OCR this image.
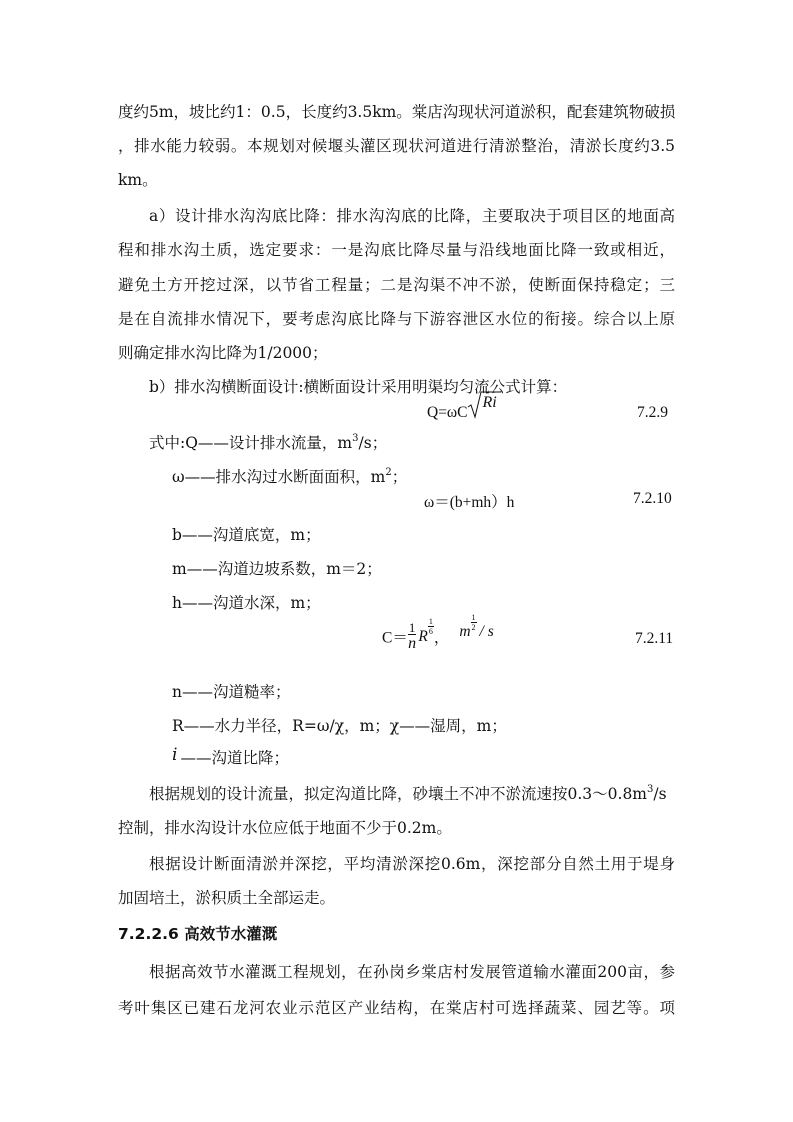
度约5m，坡比约1：0.5，长度约3.5km。棠店沟现状河道淤积，配套建筑物破损
，排水能力较弱。本规划对候堰头灌区现状河道进行清淤整治，清淤长度约3.5
km。
a）设计排水沟沟底比降：排水沟沟底的比降，主要取决于项目区的地面高
程和排水沟土质，选定要求：一是沟底比降尽量与沿线地面比降一致或相近，
避免土方开挖过深，以节省工程量；二是沟渠不冲不淤，使断面保持稳定；三
是在自流排水情况下，要考虑沟底比降与下游容泄区水位的衔接。综合以上原
则确定排水沟比降为1/2000；
b）排水沟横断面设计:横断面设计采用明渠均匀流公式计算：
Q=ωC
Ri
7.2.9
式中:Q——设计排水流量，$m^3/s$；
ω——排水沟过水断面面积，$m^2$；
ω＝(b+mh）h	7.2.10
b——沟道底宽，m；
m——沟道边坡系数，m＝2；
h——沟道水深，m；
$C= \frac{1}{n}$ R $\frac{1}{6}$
， m $\frac{1}{2}$ / s	7.2.11
n——沟道糙率；
R——水力半径，R=ω/χ，m；χ——湿周，m；
i ——沟道比降；
根据规划的设计流量，拟定沟道比降，砂壤土不冲不淤流速按$0.3\sim 0.8m^3/s$
控制，排水沟设计水位应低于地面不少于0.2m。
根据设计断面清淤并深挖，平均清淤深挖0.6m，深挖部分自然土用于堤身
加固培土，淤积质土全部运走。
7.2.2.6 高效节水灌溉
根据高效节水灌溉工程规划，在孙岗乡棠店村发展管道输水灌面200亩，参
考叶集区已建石龙河农业示范区产业结构，在棠店村可选择蔬菜、园艺等。项
